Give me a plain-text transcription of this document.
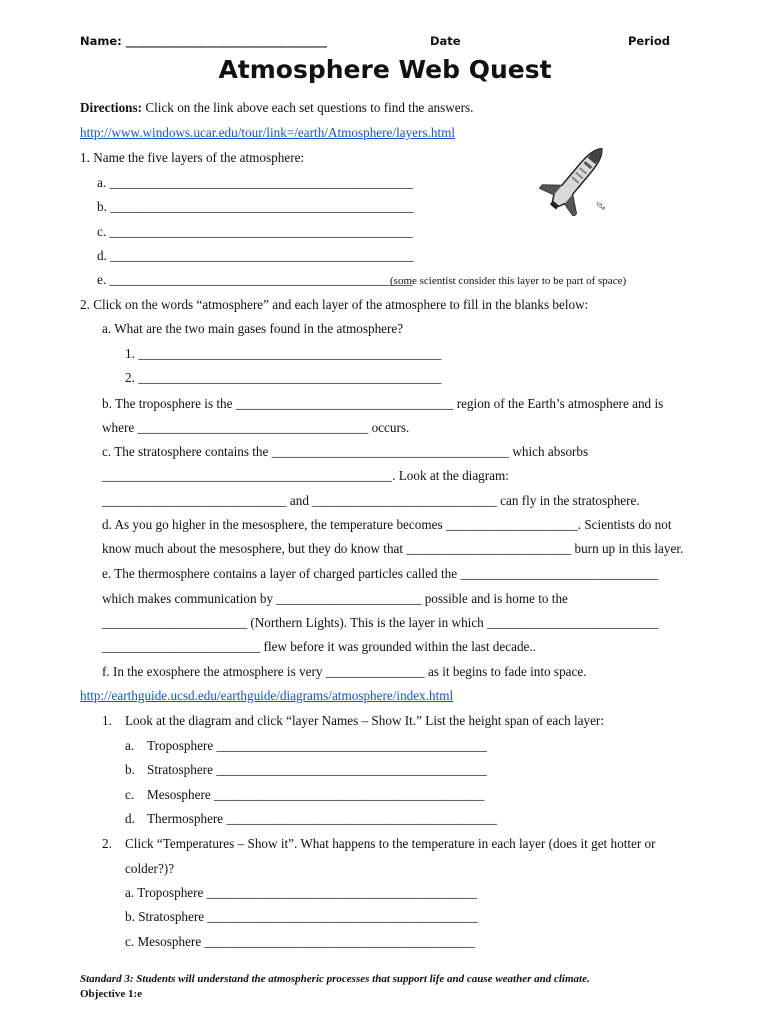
Name: ___________________________________	Date	Period
Atmosphere Web Quest
Directions: Click on the link above each set questions to find the answers.
http://www.windows.ucar.edu/tour/link=/earth/Atmosphere/layers.html
1. Name the five layers of the atmosphere:
a. ______________________________________________
b. ______________________________________________
c. ______________________________________________
d. ______________________________________________
e. ______________________________________________
(some scientist consider this layer to be part of space)
USA
2. Click on the words “atmosphere” and each layer of the atmosphere to fill in the blanks below:
a. What are the two main gases found in the atmosphere?
1. ______________________________________________
2. ______________________________________________
b. The troposphere is the _________________________________ region of the Earth’s atmosphere and is
where ___________________________________ occurs.
c. The stratosphere contains the ____________________________________ which absorbs
____________________________________________. Look at the diagram:
____________________________ and ____________________________ can fly in the stratosphere.
d. As you go higher in the mesosphere, the temperature becomes ____________________. Scientists do not
know much about the mesosphere, but they do know that _________________________ burn up in this layer.
e. The thermosphere contains a layer of charged particles called the ______________________________
which makes communication by ______________________ possible and is home to the
______________________ (Northern Lights). This is the layer in which __________________________
________________________ flew before it was grounded within the last decade..
f. In the exosphere the atmosphere is very _______________ as it begins to fade into space.
http://earthguide.ucsd.edu/earthguide/diagrams/atmosphere/index.html
1. Look at the diagram and click “layer Names – Show It.” List the height span of each layer:
a. Troposphere _________________________________________
b. Stratosphere _________________________________________
c. Mesosphere _________________________________________
d. Thermosphere _________________________________________
2. Click “Temperatures – Show it”. What happens to the temperature in each layer (does it get hotter or
colder?)?
a. Troposphere _________________________________________
b. Stratosphere _________________________________________
c. Mesosphere _________________________________________
Standard 3: Students will understand the atmospheric processes that support life and cause weather and climate.
Objective 1:e
